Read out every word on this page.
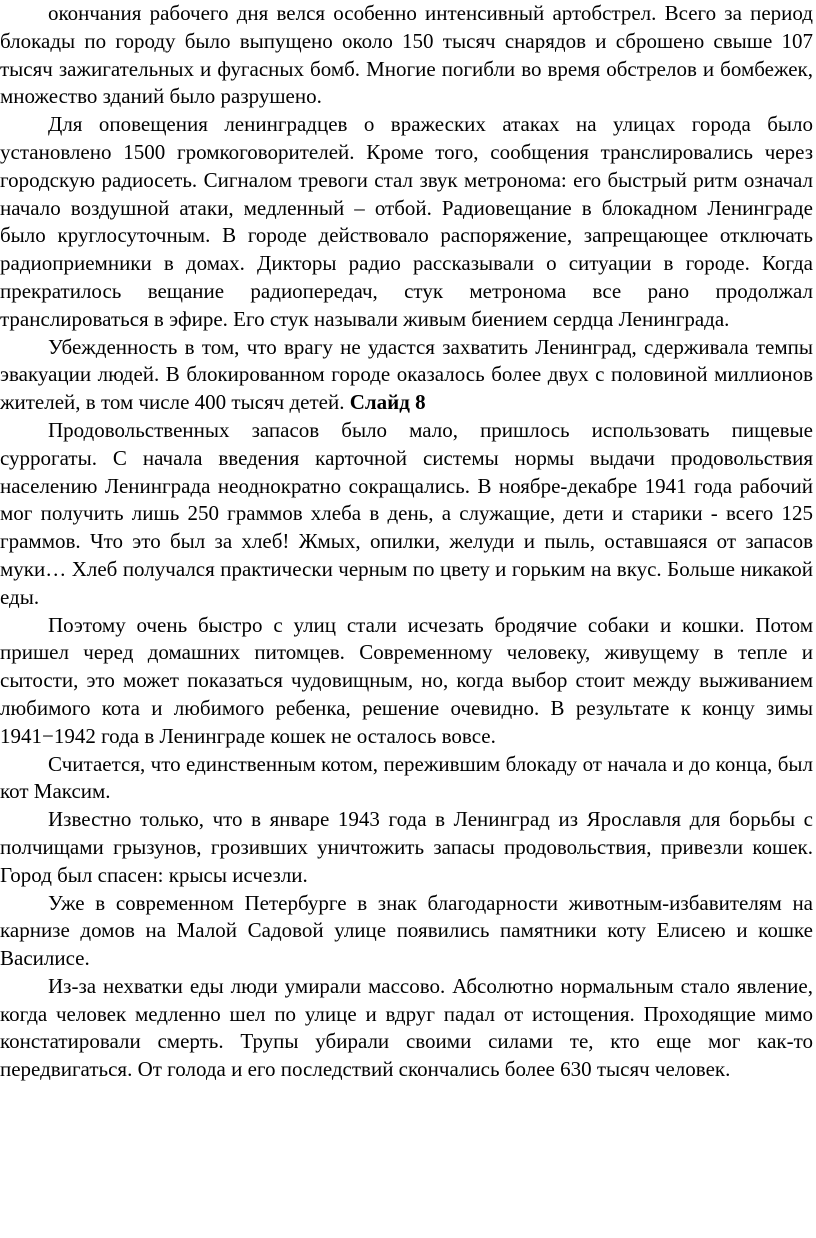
окончания рабочего дня велся особенно интенсивный артобстрел. Всего за период блокады по городу было выпущено около 150 тысяч снарядов и сброшено свыше 107 тысяч зажигательных и фугасных бомб. Многие погибли во время обстрелов и бомбежек, множество зданий было разрушено.

Для оповещения ленинградцев о вражеских атаках на улицах города было установлено 1500 громкоговорителей. Кроме того, сообщения транслировались через городскую радиосеть. Сигналом тревоги стал звук метронома: его быстрый ритм означал начало воздушной атаки, медленный – отбой. Радиовещание в блокадном Ленинграде было круглосуточным. В городе действовало распоряжение, запрещающее отключать радиоприемники в домах. Дикторы радио рассказывали о ситуации в городе. Когда прекратилось вещание радиопередач, стук метронома все рано продолжал транслироваться в эфире. Его стук называли живым биением сердца Ленинграда.

Убежденность в том, что врагу не удастся захватить Ленинград, сдерживала темпы эвакуации людей. В блокированном городе оказалось более двух с половиной миллионов жителей, в том числе 400 тысяч детей. Слайд 8

Продовольственных запасов было мало, пришлось использовать пищевые суррогаты. С начала введения карточной системы нормы выдачи продовольствия населению Ленинграда неоднократно сокращались. В ноябре-декабре 1941 года рабочий мог получить лишь 250 граммов хлеба в день, а служащие, дети и старики - всего 125 граммов. Что это был за хлеб! Жмых, опилки, желуди и пыль, оставшаяся от запасов муки… Хлеб получался практически черным по цвету и горьким на вкус. Больше никакой еды.

Поэтому очень быстро с улиц стали исчезать бродячие собаки и кошки. Потом пришел черед домашних питомцев. Современному человеку, живущему в тепле и сытости, это может показаться чудовищным, но, когда выбор стоит между выживанием любимого кота и любимого ребенка, решение очевидно. В результате к концу зимы 1941−1942 года в Ленинграде кошек не осталось вовсе.

Считается, что единственным котом, пережившим блокаду от начала и до конца, был кот Максим.

Известно только, что в январе 1943 года в Ленинград из Ярославля для борьбы с полчищами грызунов, грозивших уничтожить запасы продовольствия, привезли кошек. Город был спасен: крысы исчезли.

Уже в современном Петербурге в знак благодарности животным-избавителям на карнизе домов на Малой Садовой улице появились памятники коту Елисею и кошке Василисе.

Из-за нехватки еды люди умирали массово. Абсолютно нормальным стало явление, когда человек медленно шел по улице и вдруг падал от истощения. Проходящие мимо констатировали смерть. Трупы убирали своими силами те, кто еще мог как-то передвигаться. От голода и его последствий скончались более 630 тысяч человек.
